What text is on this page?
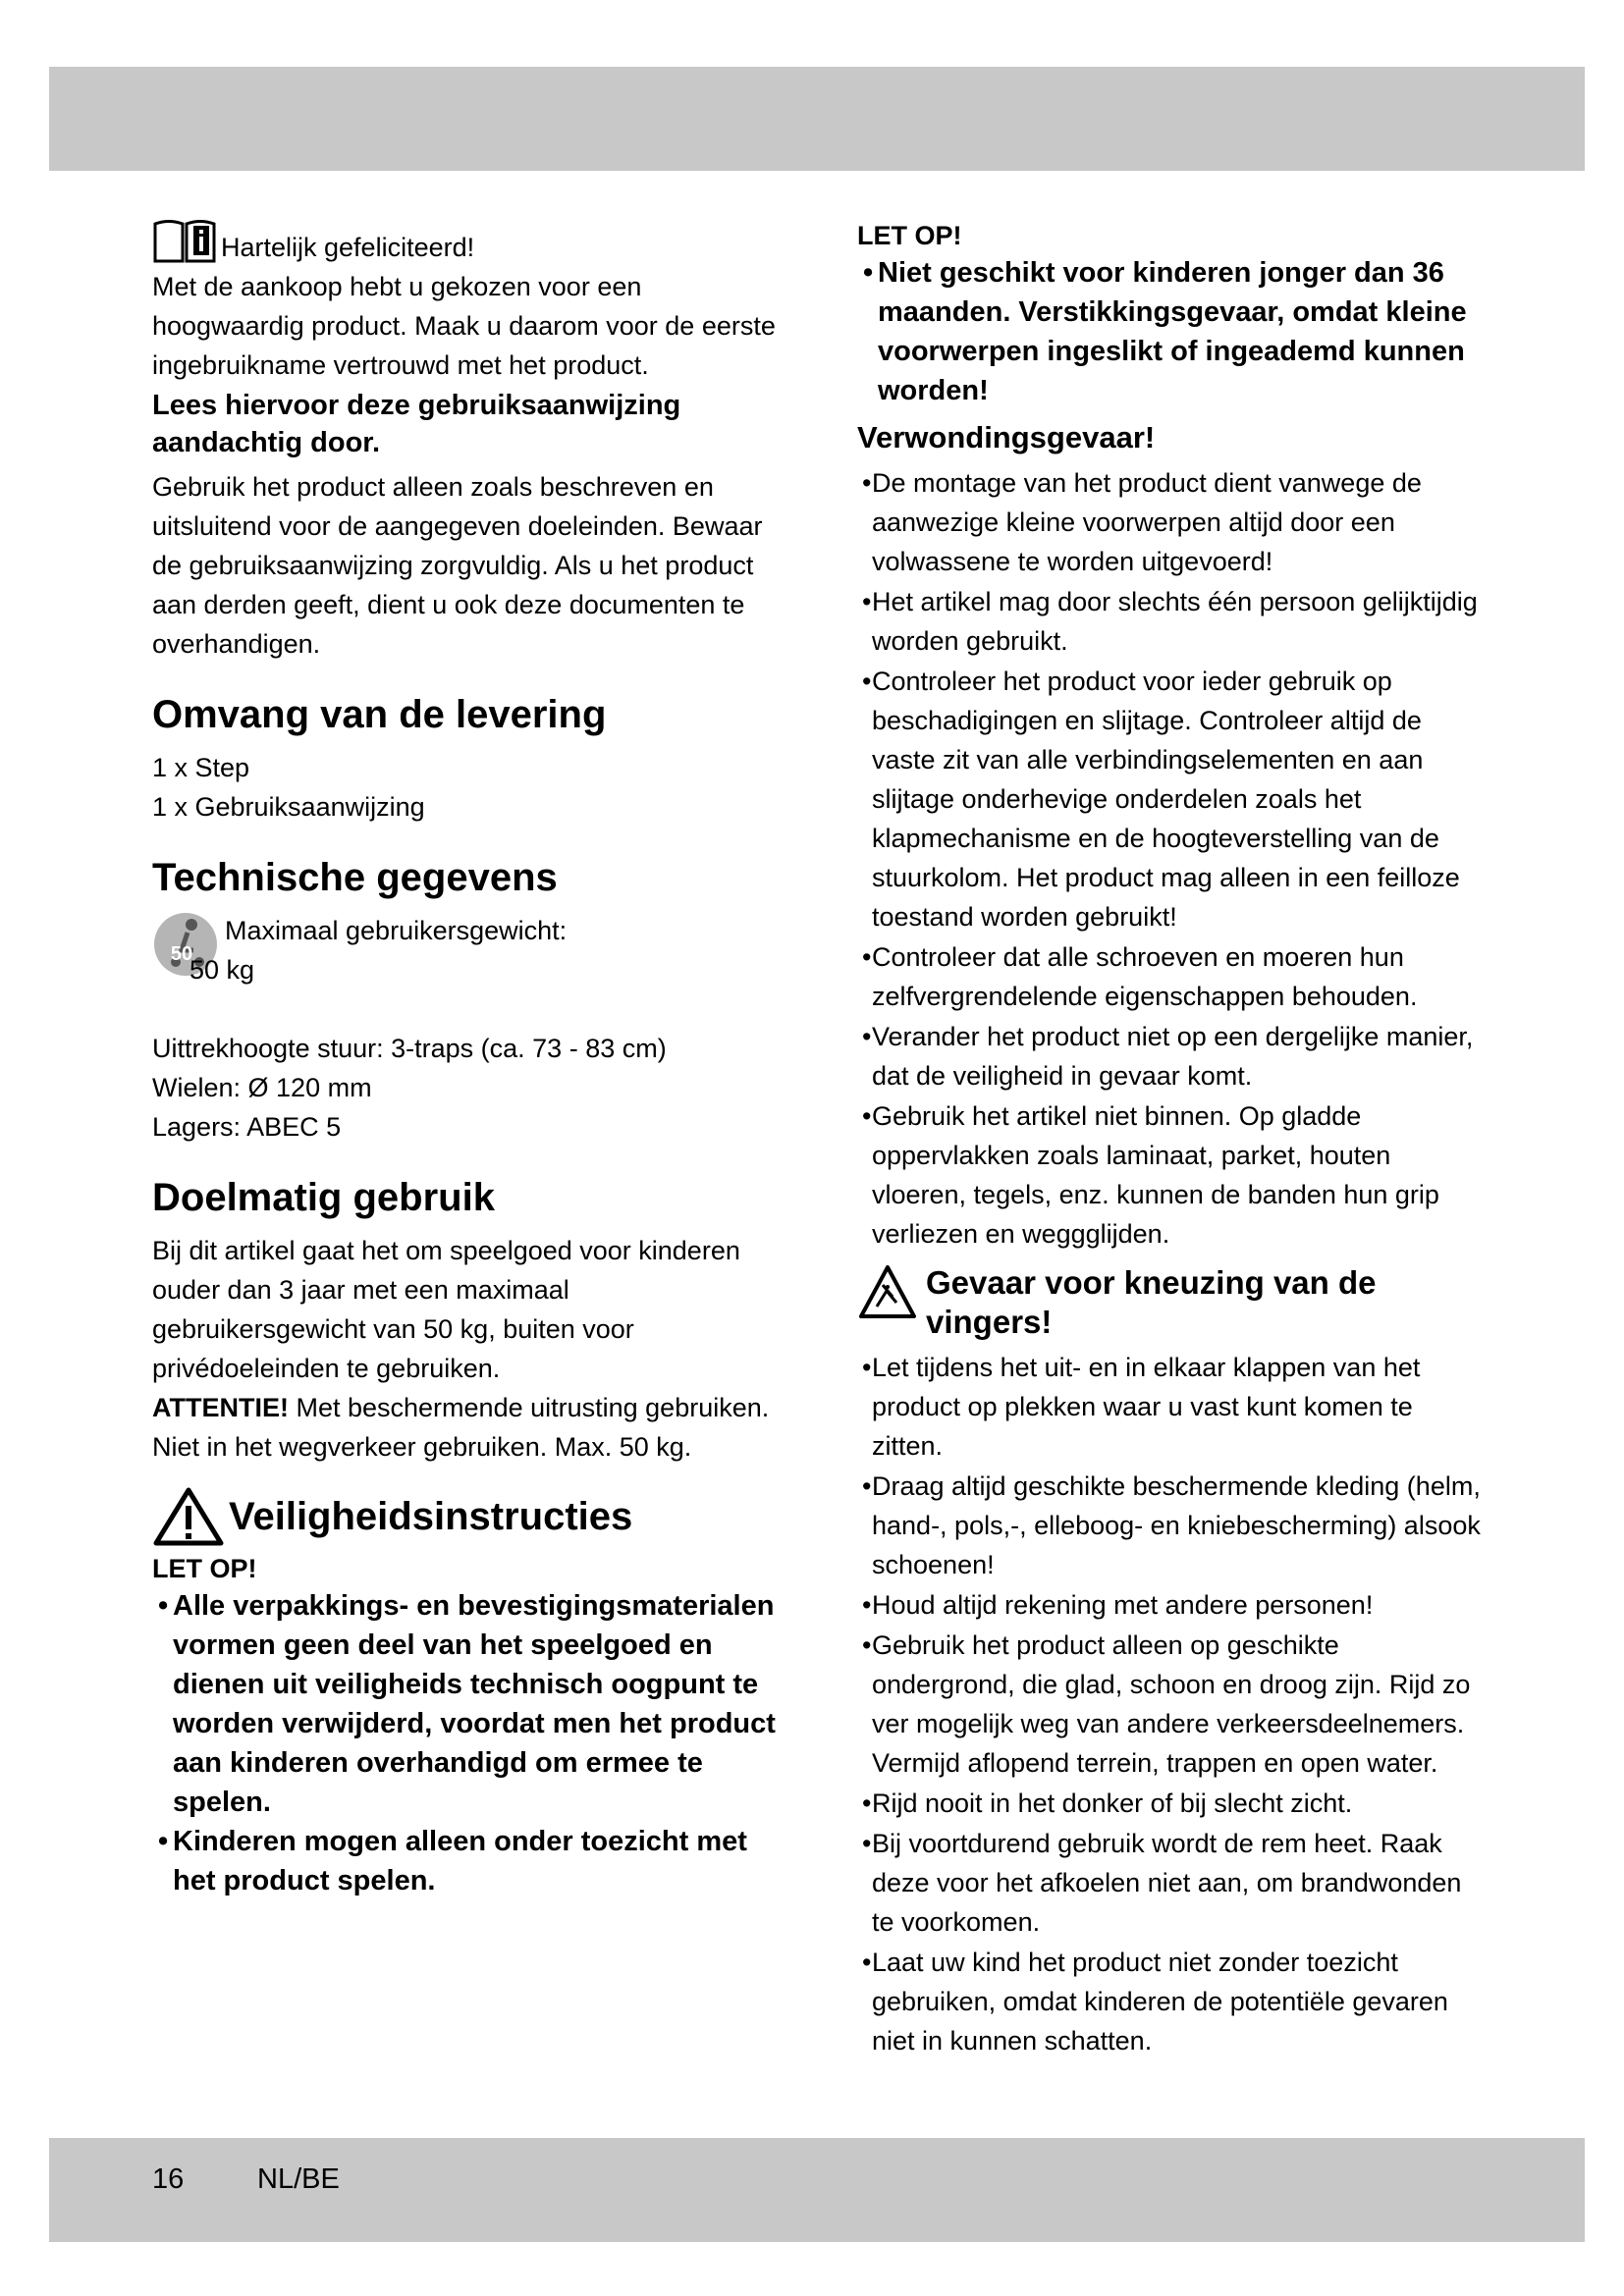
Hartelijk gefeliciteerd!

Met de aankoop hebt u gekozen voor een hoogwaardig product. Maak u daarom voor de eerste ingebruikname vertrouwd met het product.

Lees hiervoor deze gebruiksaanwijzing aandachtig door.

Gebruik het product alleen zoals beschreven en uitsluitend voor de aangegeven doeleinden. Bewaar de gebruiksaanwijzing zorgvuldig. Als u het product aan derden geeft, dient u ook deze documenten te overhandigen.

Omvang van de levering

1 x Step

1 x Gebruiksaanwijzing

Technische gegevens
50
Maximaal gebruikersgewicht:
50 kg

Uittrekhoogte stuur: 3-traps (ca. 73 - 83 cm)

Wielen: Ø 120 mm

Lagers: ABEC 5

Doelmatig gebruik

Bij dit artikel gaat het om speelgoed voor kinderen ouder dan 3 jaar met een maximaal gebruikersgewicht van 50 kg, buiten voor privédoeleinden te gebruiken.

ATTENTIE! Met beschermende uitrusting gebruiken. Niet in het wegverkeer gebruiken. Max. 50 kg.

Veiligheidsinstructies

LET OP!

• Alle verpakkings- en bevestigingsmaterialen vormen geen deel van het speelgoed en dienen uit veiligheids technisch oogpunt te worden verwijderd, voordat men het product aan kinderen overhandigd om ermee te spelen.
• Kinderen mogen alleen onder toezicht met het product spelen.

LET OP!

• Niet geschikt voor kinderen jonger dan 36 maanden. Verstikkingsgevaar, omdat kleine voorwerpen ingeslikt of ingeademd kunnen worden!
Verwondingsgevaar!
• De montage van het product dient vanwege de aanwezige kleine voorwerpen altijd door een volwassene te worden uitgevoerd!
• Het artikel mag door slechts één persoon gelijktijdig worden gebruikt.
• Controleer het product voor ieder gebruik op beschadigingen en slijtage. Controleer altijd de vaste zit van alle verbindingselementen en aan slijtage onderhevige onderdelen zoals het klapmechanisme en de hoogteverstelling van de stuurkolom. Het product mag alleen in een feilloze toestand worden gebruikt!
• Controleer dat alle schroeven en moeren hun zelfvergrendelende eigenschappen behouden.
• Verander het product niet op een dergelijke manier, dat de veiligheid in gevaar komt.
• Gebruik het artikel niet binnen. Op gladde oppervlakken zoals laminaat, parket, houten vloeren, tegels, enz. kunnen de banden hun grip verliezen en weggglijden.
Gevaar voor kneuzing van de vingers!
• Let tijdens het uit- en in elkaar klappen van het product op plekken waar u vast kunt komen te zitten.
• Draag altijd geschikte beschermende kleding (helm, hand-, pols,-, elleboog- en kniebescherming) alsook schoenen!
• Houd altijd rekening met andere personen!
• Gebruik het product alleen op geschikte ondergrond, die glad, schoon en droog zijn. Rijd zo ver mogelijk weg van andere verkeersdeelnemers. Vermijd aflopend terrein, trappen en open water.
• Rijd nooit in het donker of bij slecht zicht.
• Bij voortdurend gebruik wordt de rem heet. Raak deze voor het afkoelen niet aan, om brandwonden te voorkomen.
• Laat uw kind het product niet zonder toezicht gebruiken, omdat kinderen de potentiële gevaren niet in kunnen schatten.
16	NL/BE
